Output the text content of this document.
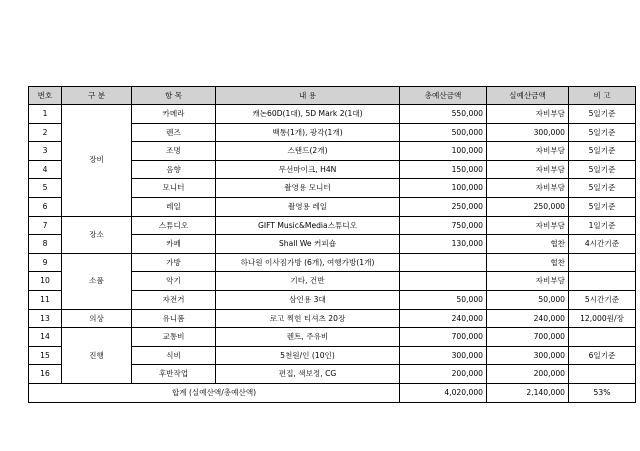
번호	구 분	항 목	내 용	총예산금액	실예산금액	비 고
1	장비	카메라	캐논60D(1대), 5D Mark 2(1대)	550,000	자비부담	5일기준
2		렌즈	백통(1개), 광각(1개)	500,000	300,000	5일기준
3		조명	스탠드(2개)	100,000	자비부담	5일기준
4		음향	무선마이크, H4N	150,000	자비부담	5일기준
5		모니터	촬영용 모니터	100,000	자비부담	5일기준
6		레일	촬영용 레일	250,000	250,000	5일기준
7	장소	스튜디오	GIFT Music&Media스튜디오	750,000	자비부담	1일기준
8		카페	Shall We 커피숍	130,000	협찬	4시간기준
9	소품	가방	하나원 이사짐가방 (6개), 여행가방(1개)		협찬	
10		악기	기타, 건반		자비부담	
11		자전거	삼인용 3대	50,000	50,000	5시간기준
13	의상	유니폼	로고 찍힌 티셔츠 20장	240,000	240,000	12,000원/장
14	진행	교통비	렌트, 주유비	700,000	700,000	
15		식비	5천원/인 (10인)	300,000	300,000	6일기준
16		후반작업	편집, 색보정, CG	200,000	200,000	
합계 (실예산액/총예산액)				4,020,000	2,140,000	53%
